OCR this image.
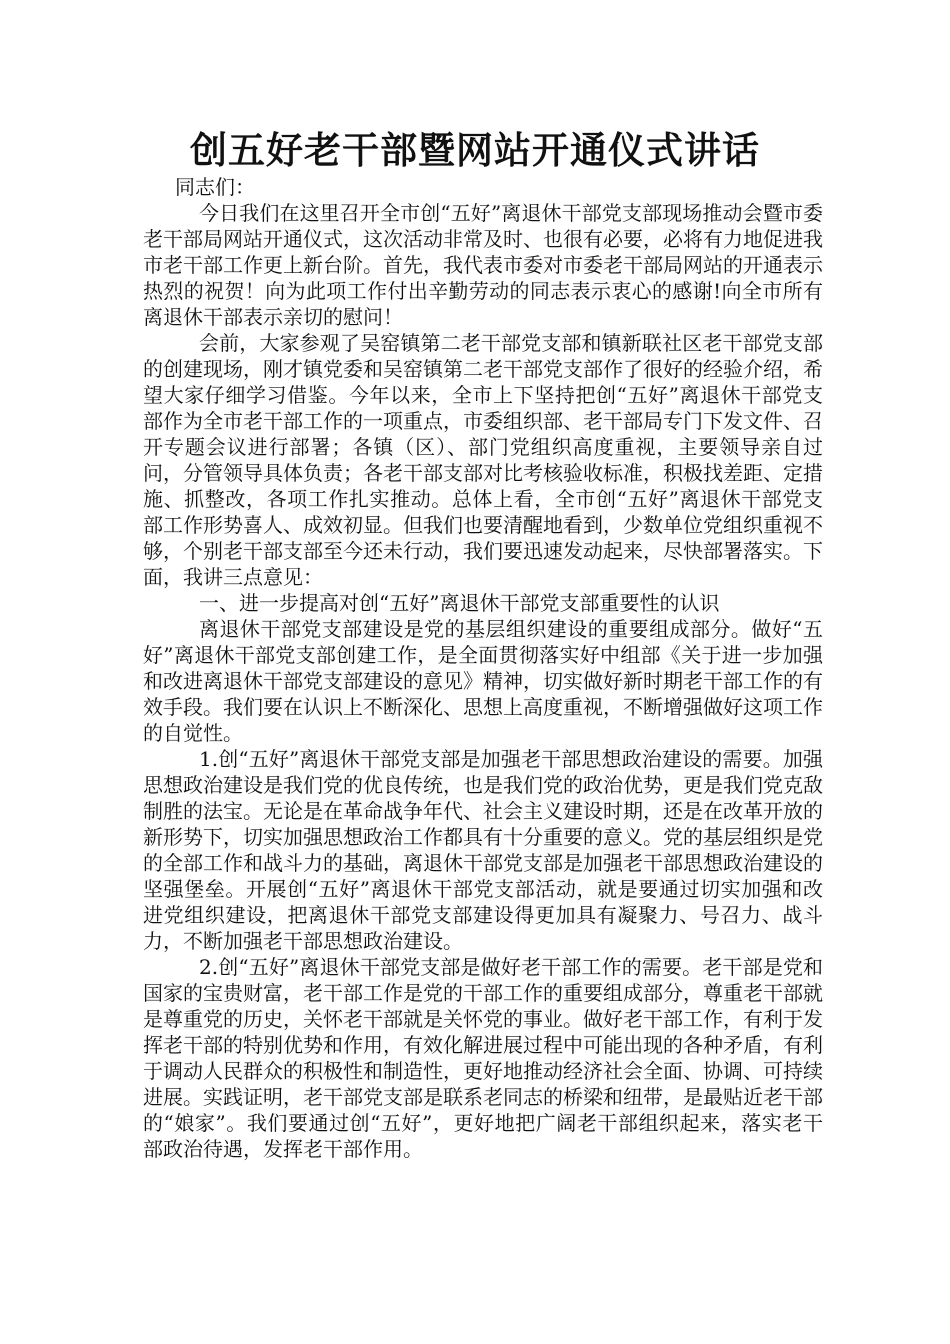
创五好老干部暨网站开通仪式讲话

同志们：

今日我们在这里召开全市创“五好”离退休干部党支部现场推动会暨市委老干部局网站开通仪式，这次活动非常及时、也很有必要，必将有力地促进我市老干部工作更上新台阶。首先，我代表市委对市委老干部局网站的开通表示热烈的祝贺！向为此项工作付出辛勤劳动的同志表示衷心的感谢!向全市所有离退休干部表示亲切的慰问！

会前，大家参观了吴窑镇第二老干部党支部和镇新联社区老干部党支部的创建现场，刚才镇党委和吴窑镇第二老干部党支部作了很好的经验介绍，希望大家仔细学习借鉴。今年以来，全市上下坚持把创“五好”离退休干部党支部作为全市老干部工作的一项重点，市委组织部、老干部局专门下发文件、召开专题会议进行部署；各镇（区）、部门党组织高度重视，主要领导亲自过问，分管领导具体负责；各老干部支部对比考核验收标准，积极找差距、定措施、抓整改，各项工作扎实推动。总体上看，全市创“五好”离退休干部党支部工作形势喜人、成效初显。但我们也要清醒地看到，少数单位党组织重视不够，个别老干部支部至今还未行动，我们要迅速发动起来，尽快部署落实。下面，我讲三点意见：

一、进一步提高对创“五好”离退休干部党支部重要性的认识

离退休干部党支部建设是党的基层组织建设的重要组成部分。做好“五好”离退休干部党支部创建工作，是全面贯彻落实好中组部《关于进一步加强和改进离退休干部党支部建设的意见》精神，切实做好新时期老干部工作的有效手段。我们要在认识上不断深化、思想上高度重视，不断增强做好这项工作的自觉性。

1.创“五好”离退休干部党支部是加强老干部思想政治建设的需要。加强思想政治建设是我们党的优良传统，也是我们党的政治优势，更是我们党克敌制胜的法宝。无论是在革命战争年代、社会主义建设时期，还是在改革开放的新形势下，切实加强思想政治工作都具有十分重要的意义。党的基层组织是党的全部工作和战斗力的基础，离退休干部党支部是加强老干部思想政治建设的坚强堡垒。开展创“五好”离退休干部党支部活动，就是要通过切实加强和改进党组织建设，把离退休干部党支部建设得更加具有凝聚力、号召力、战斗力，不断加强老干部思想政治建设。

2.创“五好”离退休干部党支部是做好老干部工作的需要。老干部是党和国家的宝贵财富，老干部工作是党的干部工作的重要组成部分，尊重老干部就是尊重党的历史，关怀老干部就是关怀党的事业。做好老干部工作，有利于发挥老干部的特别优势和作用，有效化解进展过程中可能出现的各种矛盾，有利于调动人民群众的积极性和制造性，更好地推动经济社会全面、协调、可持续进展。实践证明，老干部党支部是联系老同志的桥梁和纽带，是最贴近老干部的“娘家”。我们要通过创“五好”，更好地把广阔老干部组织起来，落实老干部政治待遇，发挥老干部作用。
